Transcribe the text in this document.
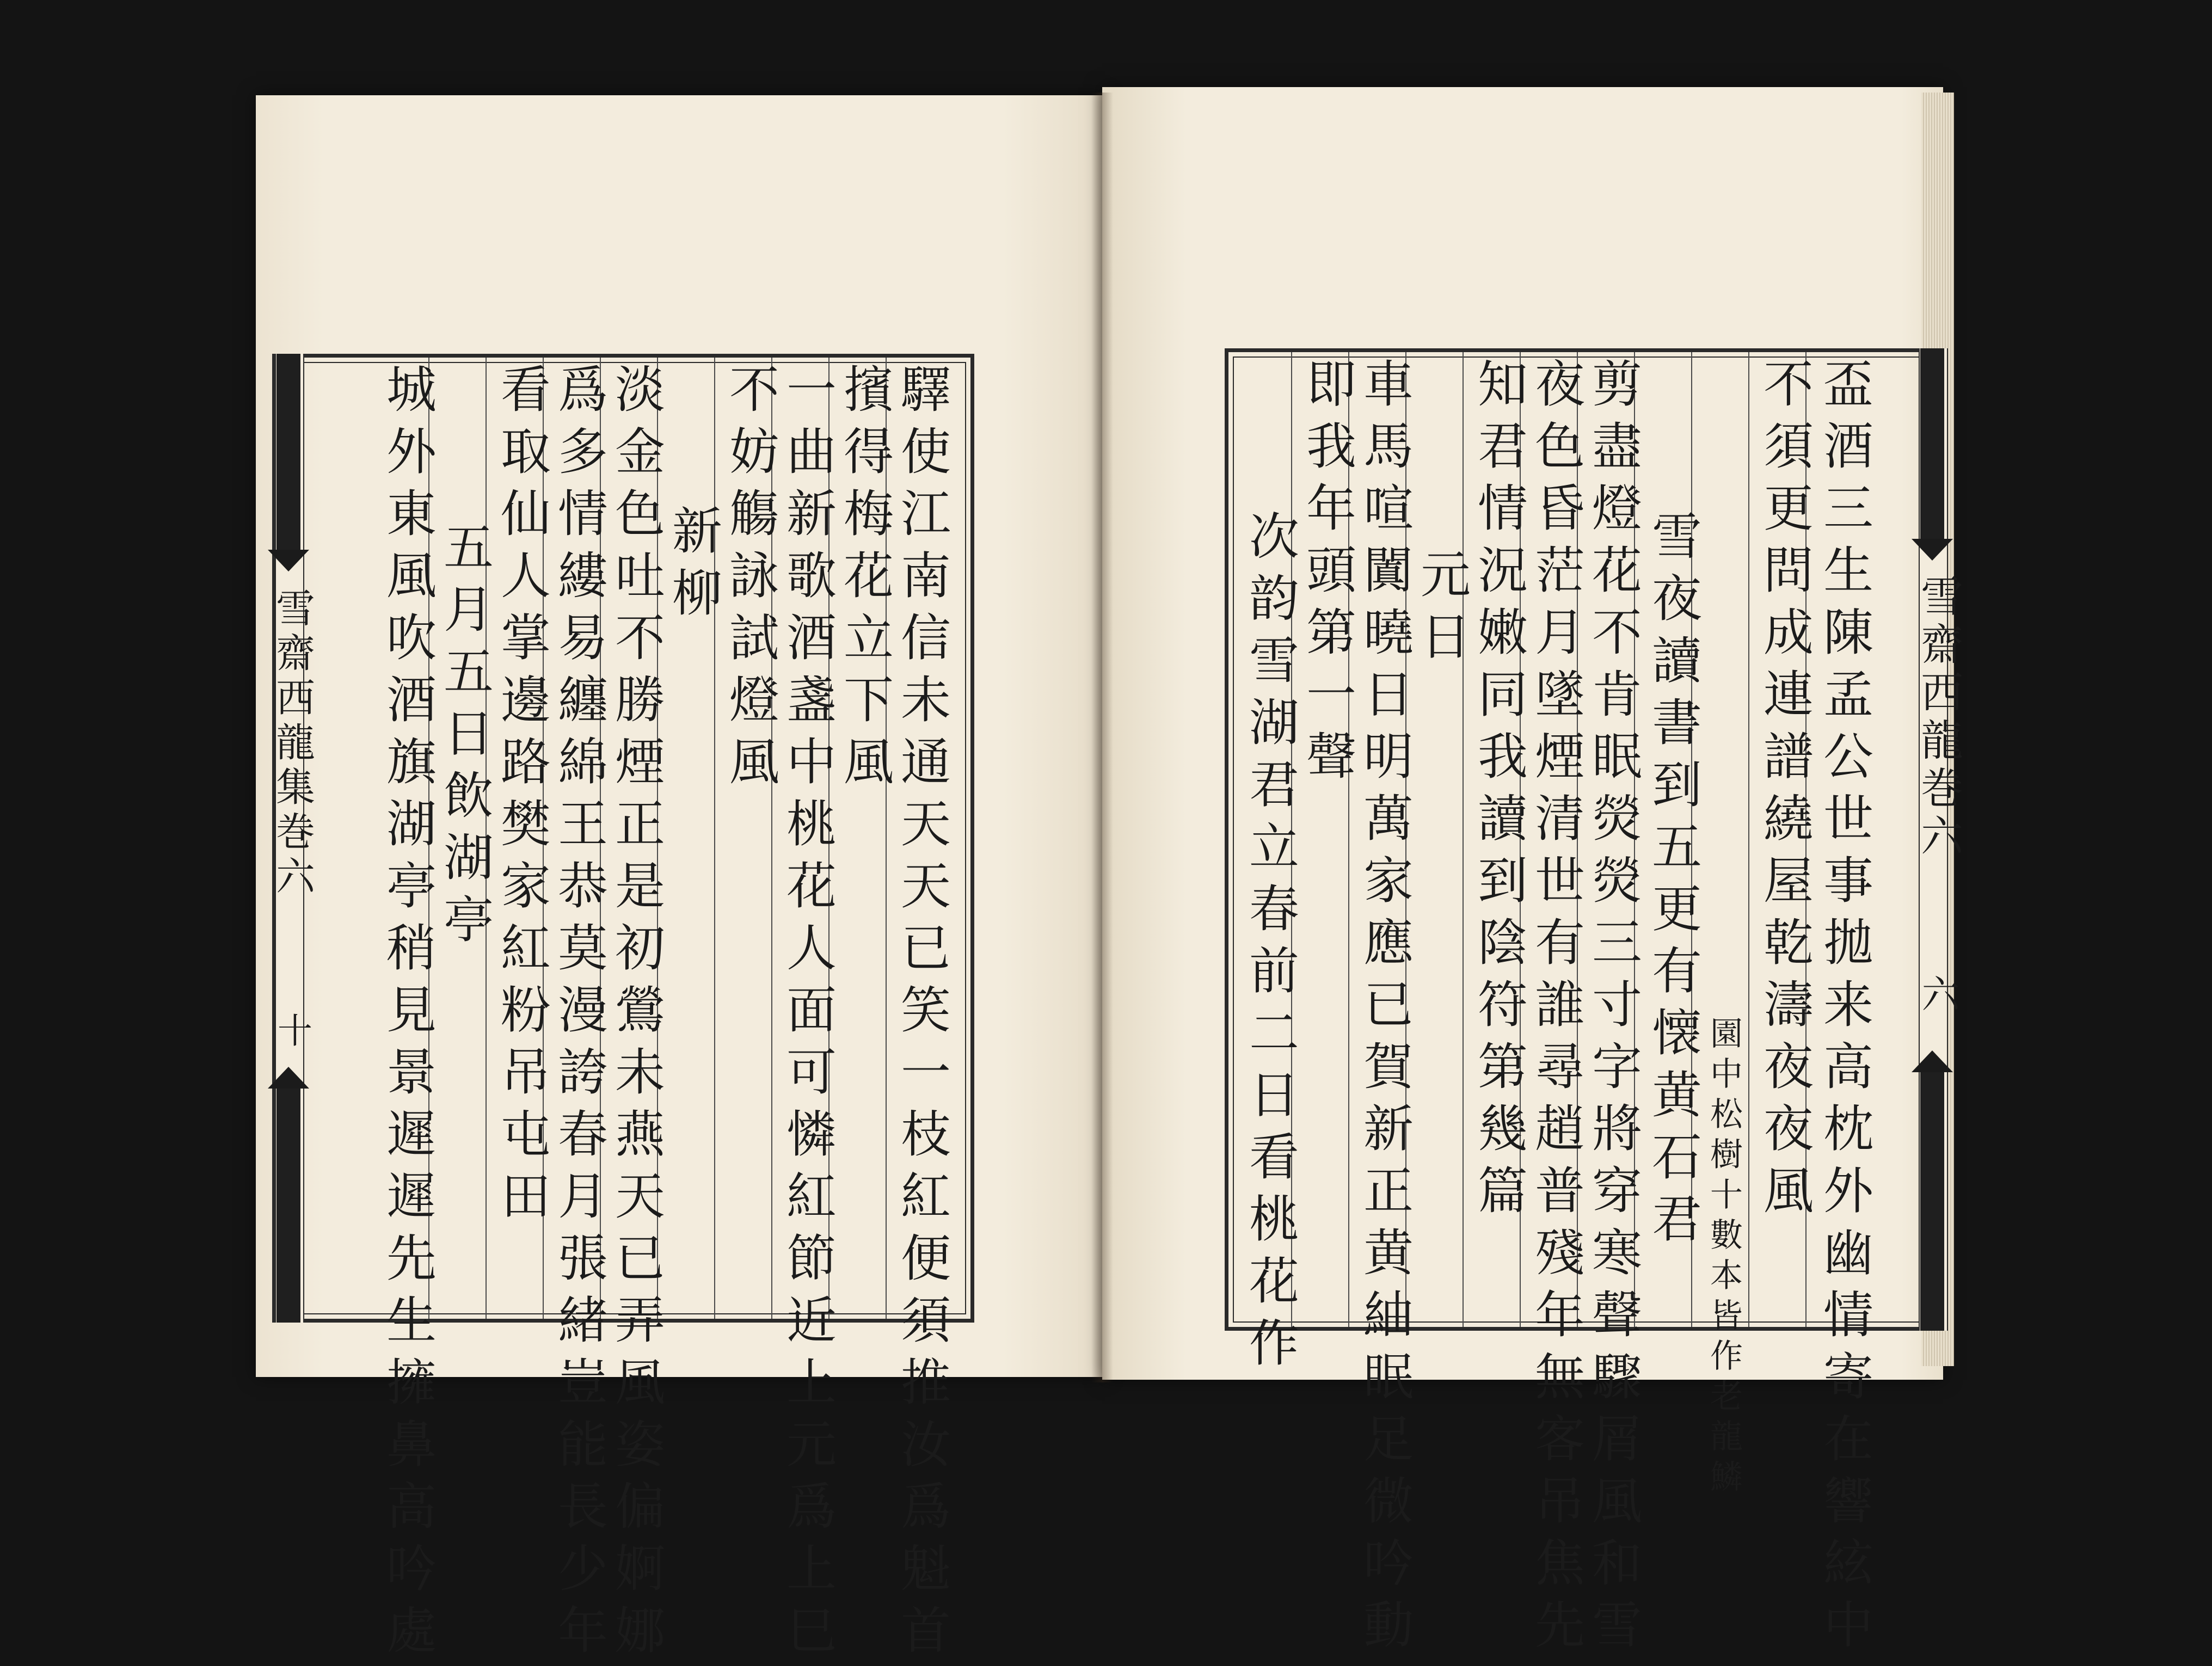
盃酒三生陳孟公世事拋来高枕外幽情寄在響絃中
不須更問成連譜繞屋乾濤夜夜風
園中松樹十數本皆作老龍鱗
雪夜讀書到五更有懐黄石君
剪盡燈花不肯眠熒熒三寸字將穿寒聲驟屑風和雪
夜色昏茫月墜煙清世有誰尋趙普殘年無客吊焦先
知君情況嫩同我讀到陰符第幾篇
元日
車馬喧闐曉日明萬家應已賀新正黄紬眠足微吟動
即我年頭第一聲
次韵雪湖君立春前二日看桃花作	雪齋西龍巻六
六
驛使江南信未通天天已笑一枝紅便須推汝爲魁首
擯得梅花立下風
一曲新歌酒盞中桃花人面可憐紅節近上元爲上巳
不妨觴詠試燈風
新柳
淡金色吐不勝煙正是初鶯未燕天已弄風姿偏婀娜
爲多情縷易纏綿王恭莫漫誇春月張緒豈能長少年
看取仙人掌邊路樊家紅粉吊屯田
五月五日飲湖亭
城外東風吹酒旗湖亭稍見景遲遲先生擁鼻高吟處
雪齋西龍集巻六
十
